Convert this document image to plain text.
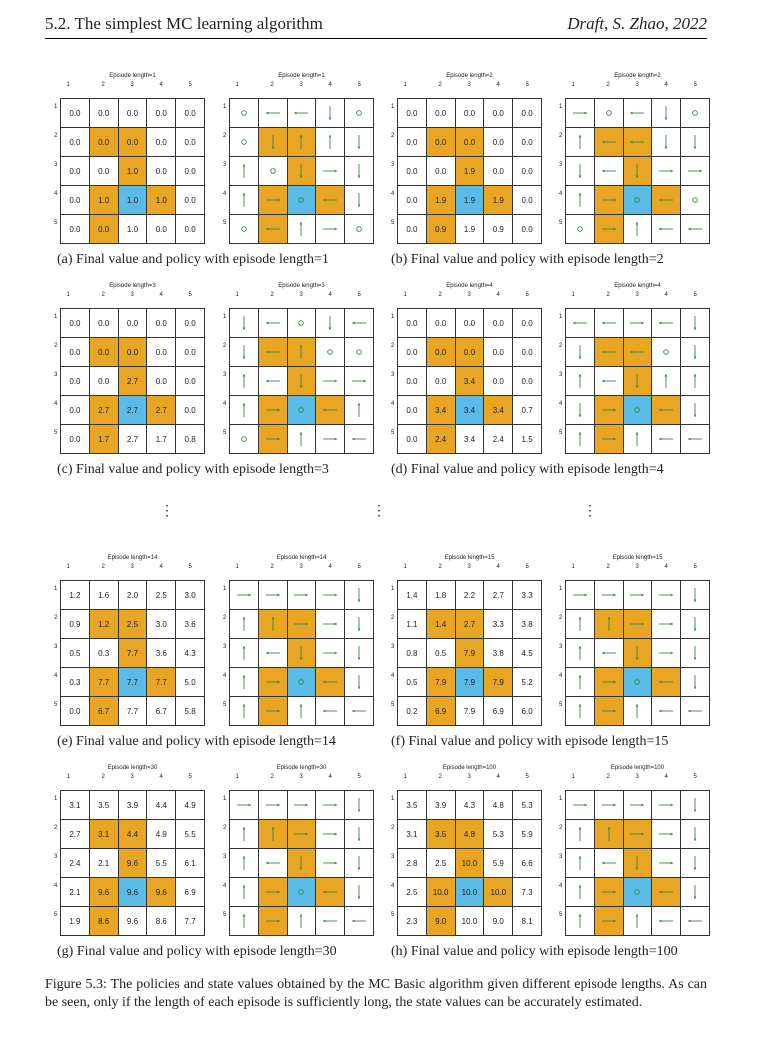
5.2. The simplest MC learning algorithm	Draft, S. Zhao, 2022
Episode length=1
1	2	3	4	5
1
2
3
4
5
0.0	0.0	0.0	0.0	0.0
0.0	0.0	0.0	0.0	0.0
0.0	0.0	1.0	0.0	0.0
0.0	1.0	1.0	1.0	0.0
0.0	0.0	1.0	0.0	0.0
Episode length=1
1	2	3	4	5
1
2
3
4
5

(a) Final value and policy with episode length=1
Episode length=2
1	2	3	4	5
1
2
3
4
5
0.0	0.0	0.0	0.0	0.0
0.0	0.0	0.0	0.0	0.0
0.0	0.0	1.9	0.0	0.0
0.0	1.9	1.9	1.9	0.0
0.0	0.9	1.9	0.9	0.0
Episode length=2
1	2	3	4	5
1
2
3
4
5

(b) Final value and policy with episode length=2
Episode length=3
1	2	3	4	5
1
2
3
4
5
0.0	0.0	0.0	0.0	0.0
0.0	0.0	0.0	0.0	0.0
0.0	0.0	2.7	0.0	0.0
0.0	2.7	2.7	2.7	0.0
0.0	1.7	2.7	1.7	0.8
Episode length=3
1	2	3	4	5
1
2
3
4
5

(c) Final value and policy with episode length=3
Episode length=4
1	2	3	4	5
1
2
3
4
5
0.0	0.0	0.0	0.0	0.0
0.0	0.0	0.0	0.0	0.0
0.0	0.0	3.4	0.0	0.0
0.0	3.4	3.4	3.4	0.7
0.0	2.4	3.4	2.4	1.5
Episode length=4
1	2	3	4	5
1
2
3
4
5

(d) Final value and policy with episode length=4
Episode length=14
1	2	3	4	5
1
2
3
4
5
1.2	1.6	2.0	2.5	3.0
0.9	1.2	2.5	3.0	3.6
0.5	0.3	7.7	3.6	4.3
0.3	7.7	7.7	7.7	5.0
0.0	6.7	7.7	6.7	5.8
Episode length=14
1	2	3	4	5
1
2
3
4
5

(e) Final value and policy with episode length=14
Episode length=15
1	2	3	4	5
1
2
3
4
5
1.4	1.8	2.2	2.7	3.3
1.1	1.4	2.7	3.3	3.8
0.8	0.5	7.9	3.8	4.5
0.5	7.9	7.9	7.9	5.2
0.2	6.9	7.9	6.9	6.0
Episode length=15
1	2	3	4	5
1
2
3
4
5

(f) Final value and policy with episode length=15
Episode length=30
1	2	3	4	5
1
2
3
4
5
3.1	3.5	3.9	4.4	4.9
2.7	3.1	4.4	4.9	5.5
2.4	2.1	9.6	5.5	6.1
2.1	9.6	9.6	9.6	6.9
1.9	8.6	9.6	8.6	7.7
Episode length=30
1	2	3	4	5
1
2
3
4
5

(g) Final value and policy with episode length=30
Episode length=100
1	2	3	4	5
1
2
3
4
5
3.5	3.9	4.3	4.8	5.3
3.1	3.5	4.8	5.3	5.9
2.8	2.5	10.0	5.9	6.6
2.5	10.0	10.0	10.0	7.3
2.3	9.0	10.0	9.0	8.1
Episode length=100
1	2	3	4	5
1
2
3
4
5

(h) Final value and policy with episode length=100
⋮	⋮	⋮
Figure 5.3: The policies and state values obtained by the MC Basic algorithm given different episode lengths. As can be seen, only if the length of each episode is sufficiently long, the state values can be accurately estimated.
